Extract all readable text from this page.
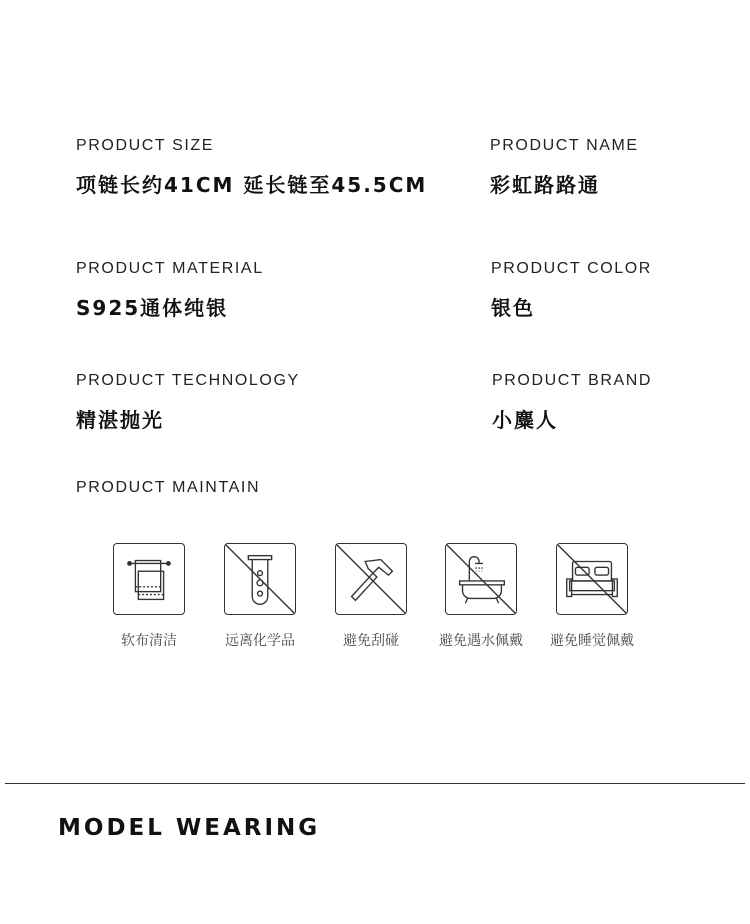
PRODUCT SIZE
项链长约41CM 延长链至45.5CM
PRODUCT NAME
彩虹路路通
PRODUCT MATERIAL
S925通体纯银
PRODUCT COLOR
银色
PRODUCT TECHNOLOGY
精湛抛光
PRODUCT BRAND
小麋人
PRODUCT MAINTAIN
软布清洁	远离化学品	避免刮碰	避免遇水佩戴	避免睡觉佩戴
MODEL WEARING
